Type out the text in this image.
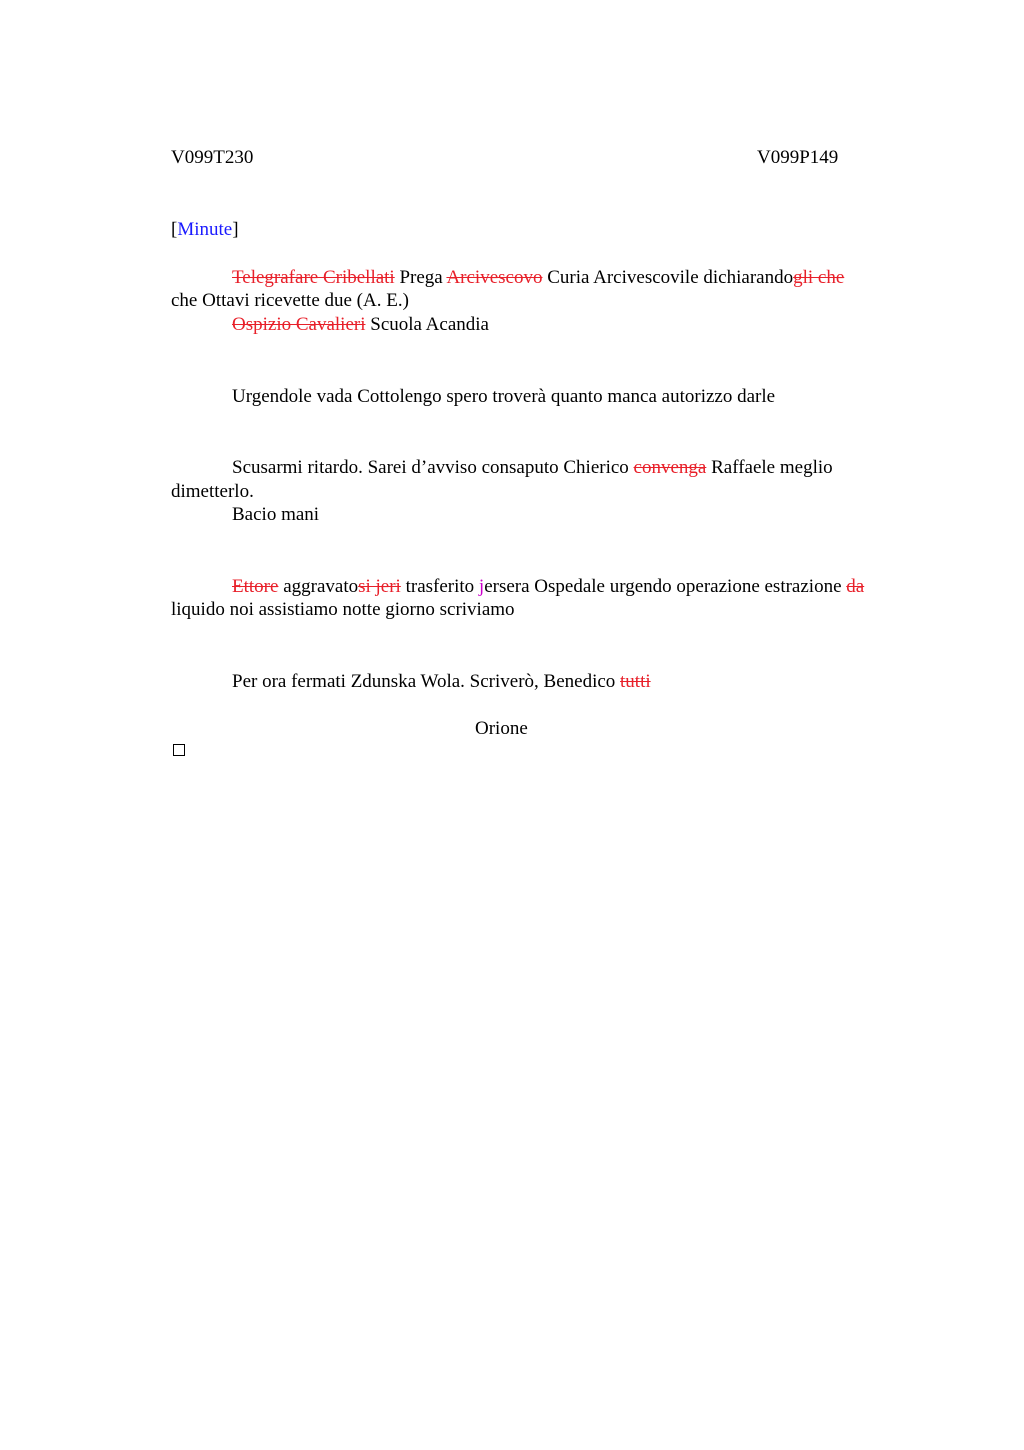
V099T230	V099P149
[Minute]
Telegrafare Cribellati Prega Arcivescovo Curia Arcivescovile dichiarandogli che
che Ottavi ricevette due (A. E.)
Ospizio Cavalieri Scuola Acandia
Urgendole vada Cottolengo spero troverà quanto manca autorizzo darle
Scusarmi ritardo. Sarei d’avviso consaputo Chierico convenga Raffaele meglio
dimetterlo.
Bacio mani
Ettore aggravatosi jeri trasferito jersera Ospedale urgendo operazione estrazione da
liquido noi assistiamo notte giorno scriviamo
Per ora fermati Zdunska Wola. Scriverò, Benedico tutti
Orione
